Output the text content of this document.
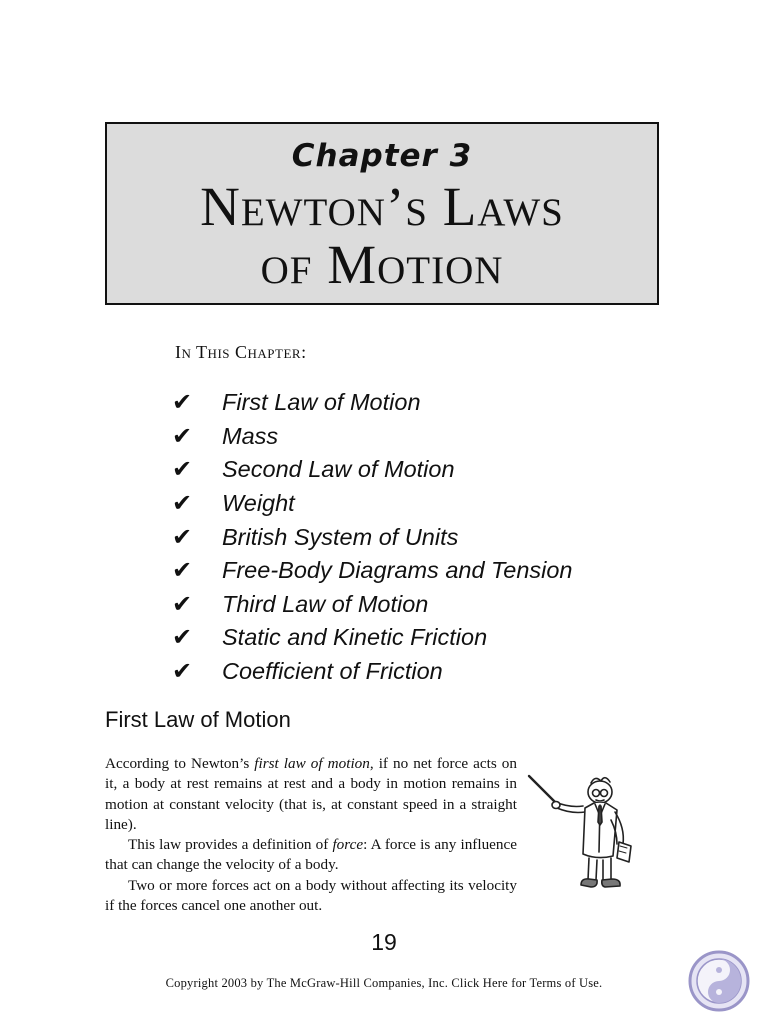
Chapter 3
Newton’s Laws
of Motion
In This Chapter:
✔	First Law of Motion
✔	Mass
✔	Second Law of Motion
✔	Weight
✔	British System of Units
✔	Free-Body Diagrams and Tension
✔	Third Law of Motion
✔	Static and Kinetic Friction
✔	Coefficient of Friction
First Law of Motion

According to Newton’s first law of motion, if no net force acts on it, a body at rest remains at rest and a body in motion remains in motion at constant velocity (that is, at constant speed in a straight line).

This law provides a definition of force: A force is any influence that can change the velocity of a body.

Two or more forces act on a body without affecting its velocity if the forces cancel one another out.

19
Copyright 2003 by The McGraw-Hill Companies, Inc. Click Here for Terms of Use.
